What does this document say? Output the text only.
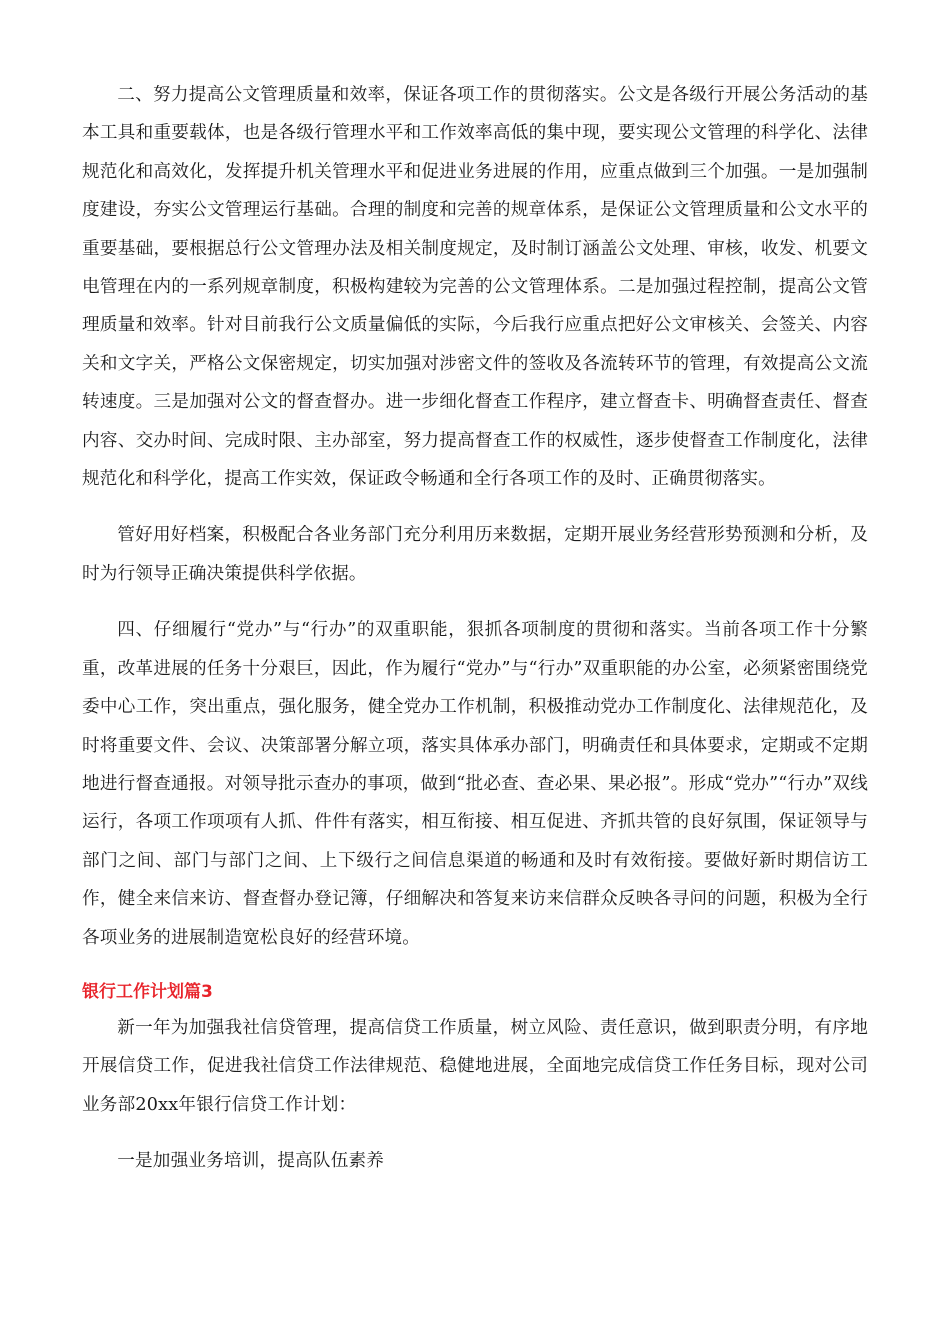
二、努力提高公文管理质量和效率，保证各项工作的贯彻落实。公文是各级行开展公务活动的基本工具和重要载体，也是各级行管理水平和工作效率高低的集中现，要实现公文管理的科学化、法律规范化和高效化，发挥提升机关管理水平和促进业务进展的作用，应重点做到三个加强。一是加强制度建设，夯实公文管理运行基础。合理的制度和完善的规章体系，是保证公文管理质量和公文水平的重要基础，要根据总行公文管理办法及相关制度规定，及时制订涵盖公文处理、审核，收发、机要文电管理在内的一系列规章制度，积极构建较为完善的公文管理体系。二是加强过程控制，提高公文管理质量和效率。针对目前我行公文质量偏低的实际，今后我行应重点把好公文审核关、会签关、内容关和文字关，严格公文保密规定，切实加强对涉密文件的签收及各流转环节的管理，有效提高公文流转速度。三是加强对公文的督查督办。进一步细化督查工作程序，建立督查卡、明确督查责任、督查内容、交办时间、完成时限、主办部室，努力提高督查工作的权威性，逐步使督查工作制度化，法律规范化和科学化，提高工作实效，保证政令畅通和全行各项工作的及时、正确贯彻落实。

管好用好档案，积极配合各业务部门充分利用历来数据，定期开展业务经营形势预测和分析，及时为行领导正确决策提供科学依据。

四、仔细履行“党办”与“行办”的双重职能，狠抓各项制度的贯彻和落实。当前各项工作十分繁重，改革进展的任务十分艰巨，因此，作为履行“党办”与“行办”双重职能的办公室，必须紧密围绕党委中心工作，突出重点，强化服务，健全党办工作机制，积极推动党办工作制度化、法律规范化，及时将重要文件、会议、决策部署分解立项，落实具体承办部门，明确责任和具体要求，定期或不定期地进行督查通报。对领导批示查办的事项，做到“批必查、查必果、果必报”。形成“党办”“行办”双线运行，各项工作项项有人抓、件件有落实，相互衔接、相互促进、齐抓共管的良好氛围，保证领导与部门之间、部门与部门之间、上下级行之间信息渠道的畅通和及时有效衔接。要做好新时期信访工作，健全来信来访、督查督办登记簿，仔细解决和答复来访来信群众反映各寻问的问题，积极为全行各项业务的进展制造宽松良好的经营环境。

银行工作计划篇3

新一年为加强我社信贷管理，提高信贷工作质量，树立风险、责任意识，做到职责分明，有序地开展信贷工作，促进我社信贷工作法律规范、稳健地进展，全面地完成信贷工作任务目标，现对公司业务部20xx年银行信贷工作计划：

一是加强业务培训，提高队伍素养
